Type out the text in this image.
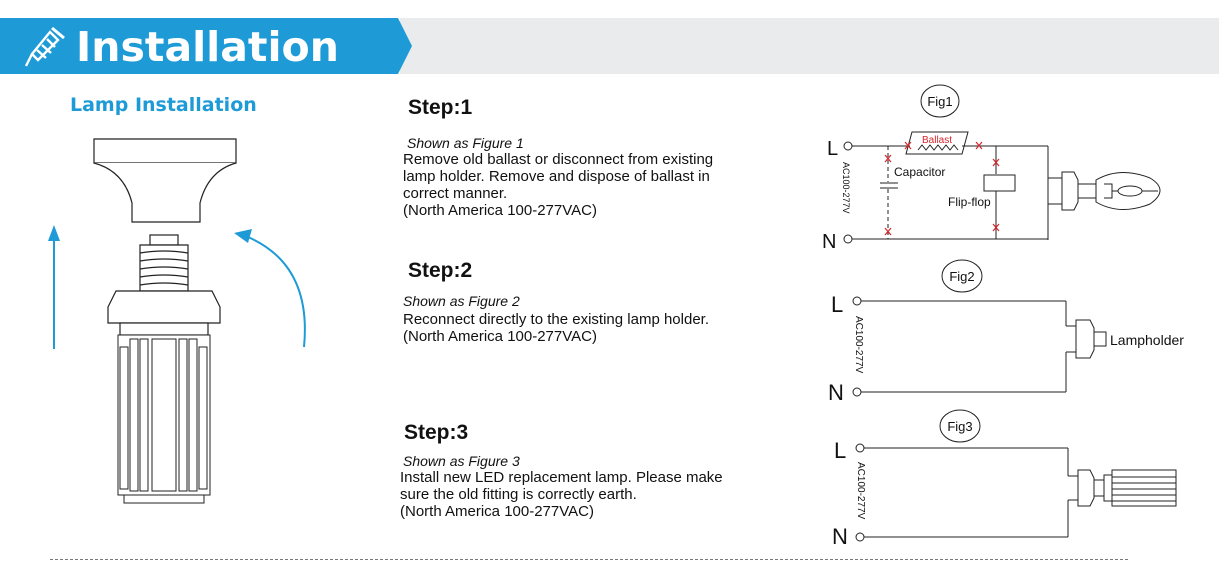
Installation
Lamp Installation	Step:1
Shown as Figure 1
Remove old ballast or disconnect from existing
lamp holder. Remove and dispose of ballast in
correct manner.
(North America 100-277VAC)
Step:2
Shown as Figure 2
Reconnect directly to the existing lamp holder.
(North America 100-277VAC)
Step:3
Shown as Figure 3
Install new LED replacement lamp. Please make
sure the old fitting is correctly earth.
(North America 100-277VAC)
Fig1
L
N
AC100-277V
Ballast
Capacitor
Flip-flop
Fig2
L
N
AC100-277V	Lampholder
Fig3
L
N
AC100-277V
